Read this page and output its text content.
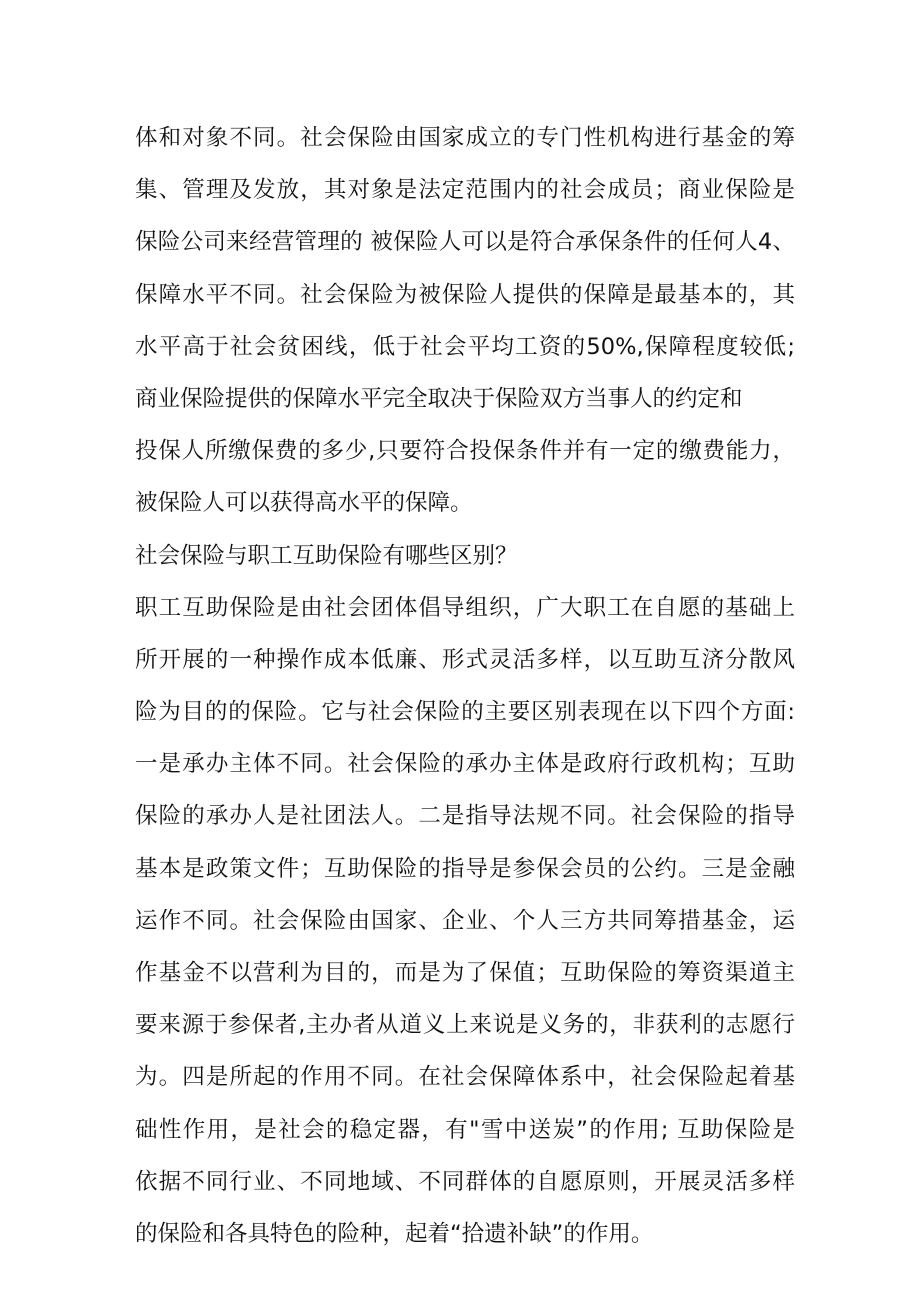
体和对象不同。社会保险由国家成立的专门性机构进行基金的筹
集、管理及发放，其对象是法定范围内的社会成员；商业保险是
保险公司来经营管理的 被保险人可以是符合承保条件的任何人4、
保障水平不同。社会保险为被保险人提供的保障是最基本的，其
水平高于社会贫困线，低于社会平均工资的50%,保障程度较低;
商业保险提供的保障水平完全取决于保险双方当事人的约定和
投保人所缴保费的多少,只要符合投保条件并有一定的缴费能力，
被保险人可以获得高水平的保障。
社会保险与职工互助保险有哪些区别？
职工互助保险是由社会团体倡导组织，广大职工在自愿的基础上
所开展的一种操作成本低廉、形式灵活多样，以互助互济分散风
险为目的的保险。它与社会保险的主要区别表现在以下四个方面:
一是承办主体不同。社会保险的承办主体是政府行政机构；互助
保险的承办人是社团法人。二是指导法规不同。社会保险的指导
基本是政策文件；互助保险的指导是参保会员的公约。三是金融
运作不同。社会保险由国家、企业、个人三方共同筹措基金，运
作基金不以营利为目的，而是为了保值；互助保险的筹资渠道主
要来源于参保者,主办者从道义上来说是义务的，非获利的志愿行
为。四是所起的作用不同。在社会保障体系中，社会保险起着基
础性作用，是社会的稳定器，有"雪中送炭”的作用; 互助保险是
依据不同行业、不同地域、不同群体的自愿原则，开展灵活多样
的保险和各具特色的险种，起着“拾遗补缺”的作用。
